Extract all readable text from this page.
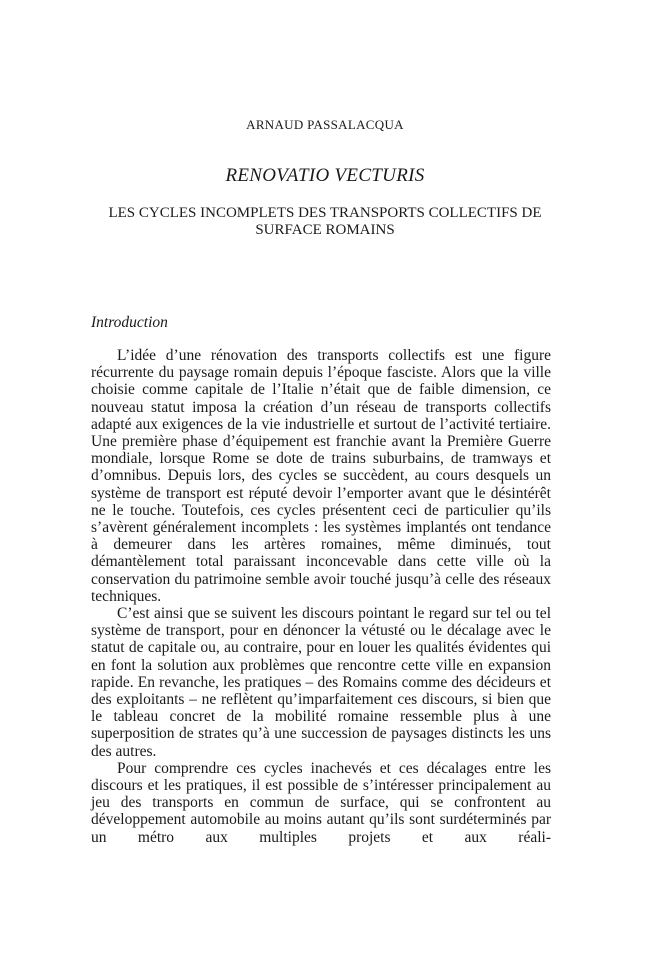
ARNAUD PASSALACQUA
RENOVATIO VECTURIS
LES CYCLES INCOMPLETS DES TRANSPORTS COLLECTIFS DE SURFACE ROMAINS
Introduction

L’idée d’une rénovation des transports collectifs est une figure récurrente du paysage romain depuis l’époque fasciste. Alors que la ville choisie comme capitale de l’Italie n’était que de faible dimension, ce nouveau statut imposa la création d’un réseau de transports collectifs adapté aux exigences de la vie industrielle et surtout de l’activité tertiaire. Une première phase d’équipement est franchie avant la Première Guerre mondiale, lorsque Rome se dote de trains suburbains, de tramways et d’omnibus. Depuis lors, des cycles se succèdent, au cours desquels un système de transport est réputé devoir l’emporter avant que le désintérêt ne le touche. Toutefois, ces cycles présentent ceci de particulier qu’ils s’avèrent généralement incomplets : les systèmes implantés ont tendance à demeurer dans les artères romaines, même diminués, tout démantèlement total paraissant inconcevable dans cette ville où la conservation du patrimoine semble avoir touché jusqu’à celle des réseaux techniques.

C’est ainsi que se suivent les discours pointant le regard sur tel ou tel système de transport, pour en dénoncer la vétusté ou le décalage avec le statut de capitale ou, au contraire, pour en louer les qualités évidentes qui en font la solution aux problèmes que rencontre cette ville en expansion rapide. En revanche, les pratiques – des Romains comme des décideurs et des exploitants – ne reflètent qu’imparfaitement ces discours, si bien que le tableau concret de la mobilité romaine ressemble plus à une superposition de strates qu’à une succession de paysages distincts les uns des autres.

Pour comprendre ces cycles inachevés et ces décalages entre les discours et les pratiques, il est possible de s’intéresser principalement au jeu des transports en commun de surface, qui se confrontent au développement automobile au moins autant qu’ils sont surdéterminés par un métro aux multiples projets et aux réali-
